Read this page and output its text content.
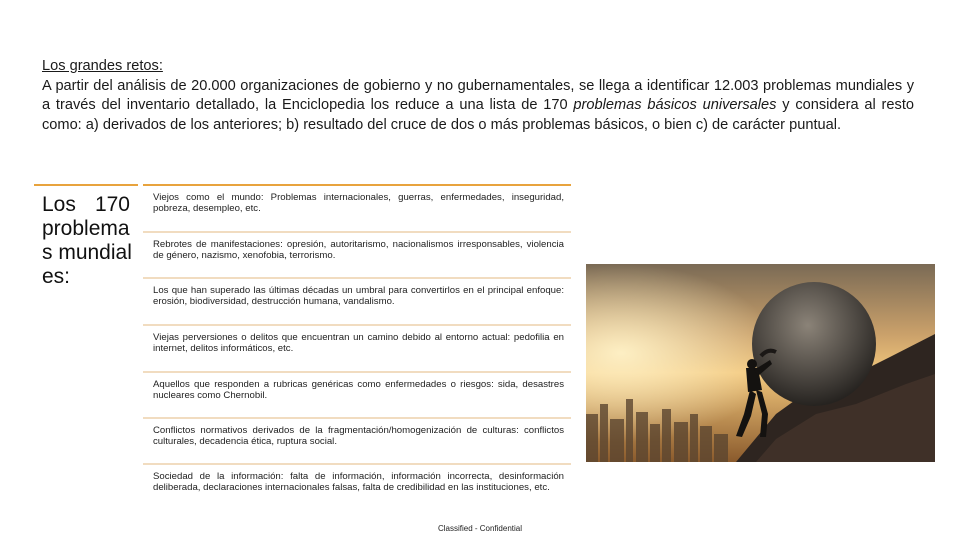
Los grandes retos:
A partir del análisis de 20.000 organizaciones de gobierno y no gubernamentales, se llega a identificar 12.003 problemas mundiales y a través del inventario detallado, la Enciclopedia los reduce a una lista de 170 problemas básicos universales y considera al resto como: a) derivados de los anteriores; b) resultado del cruce de dos o más problemas básicos, o bien c) de carácter puntual.
Los 170
problemas mundiales:
Viejos como el mundo: Problemas internacionales, guerras, enfermedades, inseguridad, pobreza, desempleo, etc.
Rebrotes de manifestaciones: opresión, autoritarismo, nacionalismos irresponsables, violencia de género, nazismo, xenofobia, terrorismo.
Los que han superado las últimas décadas un umbral para convertirlos en el principal enfoque: erosión, biodiversidad, destrucción humana, vandalismo.
Viejas perversiones o delitos que encuentran un camino debido al entorno actual: pedofilia en internet, delitos informáticos, etc.
Aquellos que responden a rubricas genéricas como enfermedades o riesgos: sida, desastres nucleares como Chernobil.
Conflictos normativos derivados de la fragmentación/homogenización de culturas: conflictos culturales, decadencia ética, ruptura social.
Sociedad de la información: falta de información, información incorrecta, desinformación deliberada, declaraciones internacionales falsas, falta de credibilidad en las instituciones, etc.
Classified - Confidential
